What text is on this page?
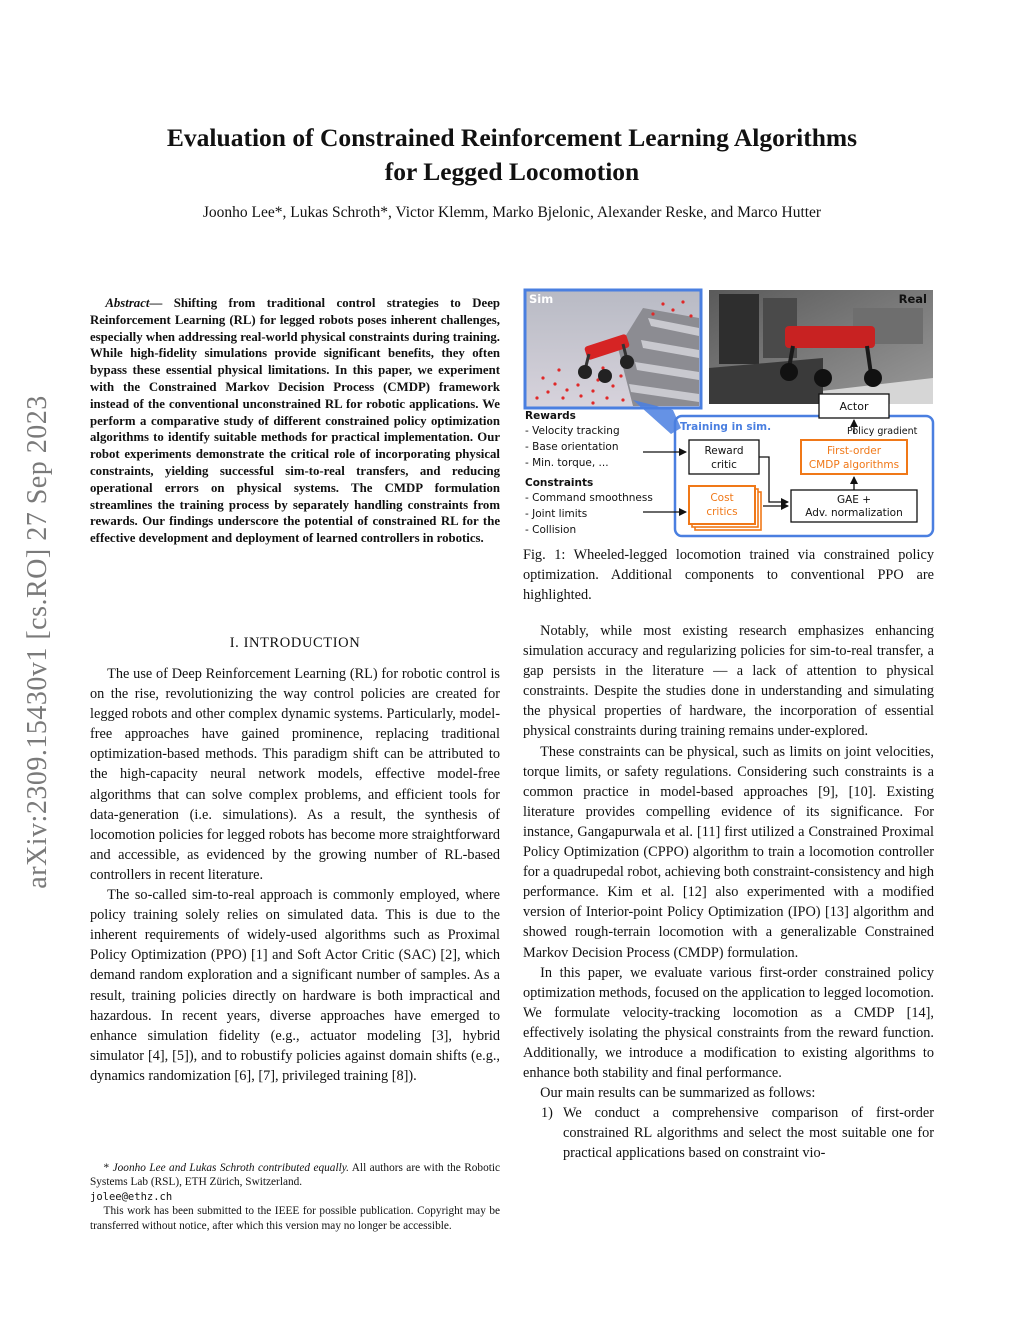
arXiv:2309.15430v1 [cs.RO] 27 Sep 2023
Evaluation of Constrained Reinforcement Learning Algorithms
for Legged Locomotion
Joonho Lee*, Lukas Schroth*, Victor Klemm, Marko Bjelonic, Alexander Reske, and Marco Hutter
Abstract— Shifting from traditional control strategies to Deep Reinforcement Learning (RL) for legged robots poses inherent challenges, especially when addressing real-world physical constraints during training. While high-fidelity simulations provide significant benefits, they often bypass these essential physical limitations. In this paper, we experiment with the Constrained Markov Decision Process (CMDP) framework instead of the conventional unconstrained RL for robotic applications. We perform a comparative study of different constrained policy optimization algorithms to identify suitable methods for practical implementation. Our robot experiments demonstrate the critical role of incorporating physical constraints, yielding successful sim-to-real transfers, and reducing operational errors on physical systems. The CMDP formulation streamlines the training process by separately handling constraints from rewards. Our findings underscore the potential of constrained RL for the effective development and deployment of learned controllers in robotics.
I. INTRODUCTION

The use of Deep Reinforcement Learning (RL) for robotic control is on the rise, revolutionizing the way control policies are created for legged robots and other complex dynamic systems. Particularly, model-free approaches have gained prominence, replacing traditional optimization-based methods. This paradigm shift can be attributed to the high-capacity neural network models, effective model-free algorithms that can solve complex problems, and efficient tools for data-generation (i.e. simulations). As a result, the synthesis of locomotion policies for legged robots has become more straightforward and accessible, as evidenced by the growing number of RL-based controllers in recent literature.

The so-called sim-to-real approach is commonly employed, where policy training solely relies on simulated data. This is due to the inherent requirements of widely-used algorithms such as Proximal Policy Optimization (PPO) [1] and Soft Actor Critic (SAC) [2], which demand random exploration and a significant number of samples. As a result, training policies directly on hardware is both impractical and hazardous. In recent years, diverse approaches have emerged to enhance simulation fidelity (e.g., actuator modeling [3], hybrid simulator [4], [5]), and to robustify policies against domain shifts (e.g., dynamics randomization [6], [7], privileged training [8]).

* Joonho Lee and Lukas Schroth contributed equally. All authors are with the Robotic Systems Lab (RSL), ETH Zürich, Switzerland.
jolee@ethz.ch

This work has been submitted to the IEEE for possible publication. Copyright may be transferred without notice, after which this version may no longer be accessible.

Sim	Real
Training in sim.
Rewards
- Velocity tracking
- Base orientation
- Min. torque, ...
Constraints
- Command smoothness
- Joint limits
- Collision
Actor
Policy gradient
Reward
critic
First-order
CMDP algorithms
Cost
critics
GAE +
Adv. normalization
Fig. 1: Wheeled-legged locomotion trained via constrained policy optimization. Additional components to conventional PPO are highlighted.

Notably, while most existing research emphasizes enhancing simulation accuracy and regularizing policies for sim-to-real transfer, a gap persists in the literature — a lack of attention to physical constraints. Despite the studies done in understanding and simulating the physical properties of hardware, the incorporation of essential physical constraints during training remains under-explored.

These constraints can be physical, such as limits on joint velocities, torque limits, or safety regulations. Considering such constraints is a common practice in model-based approaches [9], [10]. Existing literature provides compelling evidence of its significance. For instance, Gangapurwala et al. [11] first utilized a Constrained Proximal Policy Optimization (CPPO) algorithm to train a locomotion controller for a quadrupedal robot, achieving both constraint-consistency and high performance. Kim et al. [12] also experimented with a modified version of Interior-point Policy Optimization (IPO) [13] algorithm and showed rough-terrain locomotion with a generalizable Constrained Markov Decision Process (CMDP) formulation.

In this paper, we evaluate various first-order constrained policy optimization methods, focused on the application to legged locomotion. We formulate velocity-tracking locomotion as a CMDP [14], effectively isolating the physical constraints from the reward function. Additionally, we introduce a modification to existing algorithms to enhance both stability and final performance.

Our main results can be summarized as follows:

1) We conduct a comprehensive comparison of first-order constrained RL algorithms and select the most suitable one for practical applications based on constraint vio-
